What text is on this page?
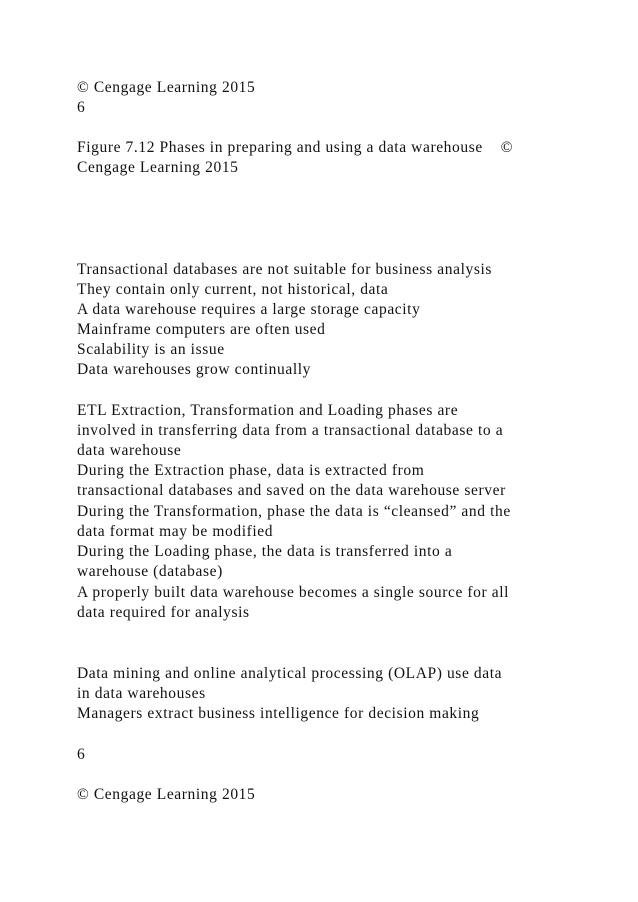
© Cengage Learning 2015
6
Figure 7.12 Phases in preparing and using a data warehouse    ©
Cengage Learning 2015
Transactional databases are not suitable for business analysis
They contain only current, not historical, data
A data warehouse requires a large storage capacity
Mainframe computers are often used
Scalability is an issue
Data warehouses grow continually
ETL Extraction, Transformation and Loading phases are
involved in transferring data from a transactional database to a
data warehouse
During the Extraction phase, data is extracted from
transactional databases and saved on the data warehouse server
During the Transformation, phase the data is “cleansed” and the
data format may be modified
During the Loading phase, the data is transferred into a
warehouse (database)
A properly built data warehouse becomes a single source for all
data required for analysis
Data mining and online analytical processing (OLAP) use data
in data warehouses
Managers extract business intelligence for decision making
6
© Cengage Learning 2015
